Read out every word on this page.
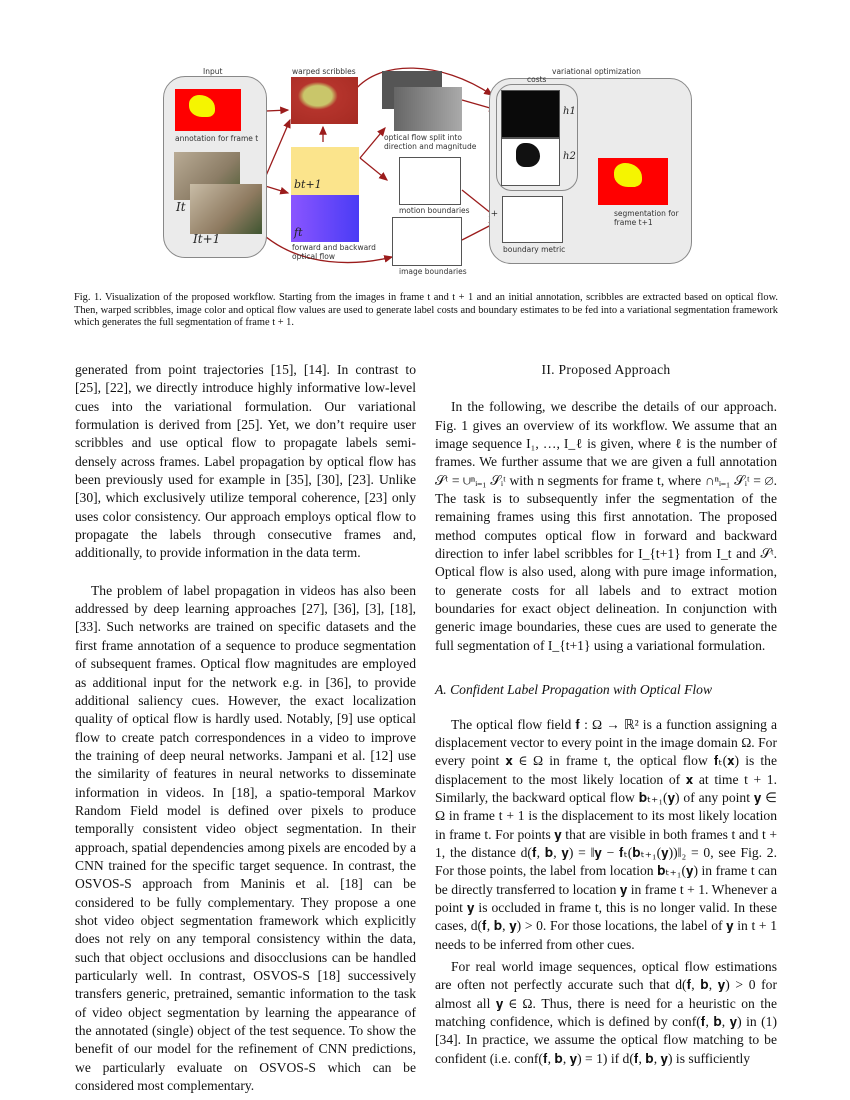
Input
annotation for frame t
It
It+1
warped scribbles
bt+1
ft
forward and backward optical flow
optical flow split into direction and magnitude
motion boundaries
image boundaries
variational optimization
costs
h1
h2
+
boundary metric
segmentation for frame t+1
Fig. 1. Visualization of the proposed workflow. Starting from the images in frame t and t + 1 and an initial annotation, scribbles are extracted based on optical flow. Then, warped scribbles, image color and optical flow values are used to generate label costs and boundary estimates to be fed into a variational segmentation framework which generates the full segmentation of frame t + 1.

generated from point trajectories [15], [14]. In contrast to [25], [22], we directly introduce highly informative low-level cues into the variational formulation. Our variational formulation is derived from [25]. Yet, we don’t require user scribbles and use optical flow to propagate labels semi-densely across frames. Label propagation by optical flow has been previously used for example in [35], [30], [23]. Unlike [30], which exclusively utilize temporal coherence, [23] only uses color consistency. Our approach employs optical flow to propagate the labels through consecutive frames and, additionally, to provide information in the data term.

The problem of label propagation in videos has also been addressed by deep learning approaches [27], [36], [3], [18], [33]. Such networks are trained on specific datasets and the first frame annotation of a sequence to produce segmentation of subsequent frames. Optical flow magnitudes are employed as additional input for the network e.g. in [36], to provide additional saliency cues. However, the exact localization quality of optical flow is hardly used. Notably, [9] use optical flow to create patch correspondences in a video to improve the training of deep neural networks. Jampani et al. [12] use the similarity of features in neural networks to disseminate information in videos. In [18], a spatio-temporal Markov Random Field model is defined over pixels to produce temporally consistent video object segmentation. In their approach, spatial dependencies among pixels are encoded by a CNN trained for the specific target sequence. In contrast, the OSVOS-S approach from Maninis et al. [18] can be considered to be fully complementary. They propose a one shot video object segmentation framework which explicitly does not rely on any temporal consistency within the data, such that object occlusions and disocclusions can be handled particularly well. In contrast, OSVOS-S [18] successively transfers generic, pretrained, semantic information to the task of video object segmentation by learning the appearance of the annotated (single) object of the test sequence. To show the benefit of our model for the refinement of CNN predictions, we particularly evaluate on OSVOS-S which can be considered most complementary.

II. Proposed Approach

In the following, we describe the details of our approach. Fig. 1 gives an overview of its workflow. We assume that an image sequence I₁, …, I_ℓ is given, where ℓ is the number of frames. We further assume that we are given a full annotation 𝒮ᵗ = ∪ⁿᵢ₌₁ 𝒮ᵢᵗ with n segments for frame t, where ∩ⁿᵢ₌₁ 𝒮ᵢᵗ = ∅. The task is to subsequently infer the segmentation of the remaining frames using this first annotation. The proposed method computes optical flow in forward and backward direction to infer label scribbles for I_{t+1} from I_t and 𝒮ᵗ. Optical flow is also used, along with pure image information, to generate costs for all labels and to extract motion boundaries for exact object delineation. In conjunction with generic image boundaries, these cues are used to generate the full segmentation of I_{t+1} using a variational formulation.

A. Confident Label Propagation with Optical Flow

The optical flow field 𝐟 : Ω → ℝ² is a function assigning a displacement vector to every point in the image domain Ω. For every point 𝐱 ∈ Ω in frame t, the optical flow 𝐟ₜ(𝐱) is the displacement to the most likely location of 𝐱 at time t + 1. Similarly, the backward optical flow 𝐛ₜ₊₁(𝐲) of any point 𝐲 ∈ Ω in frame t + 1 is the displacement to its most likely location in frame t. For points 𝐲 that are visible in both frames t and t + 1, the distance d(𝐟, 𝐛, 𝐲) = ‖𝐲 − 𝐟ₜ(𝐛ₜ₊₁(𝐲))‖₂ = 0, see Fig. 2. For those points, the label from location 𝐛ₜ₊₁(𝐲) in frame t can be directly transferred to location 𝐲 in frame t + 1. Whenever a point 𝐲 is occluded in frame t, this is no longer valid. In these cases, d(𝐟, 𝐛, 𝐲) > 0. For those locations, the label of 𝐲 in t + 1 needs to be inferred from other cues.

For real world image sequences, optical flow estimations are often not perfectly accurate such that d(𝐟, 𝐛, 𝐲) > 0 for almost all 𝐲 ∈ Ω. Thus, there is need for a heuristic on the matching confidence, which is defined by conf(𝐟, 𝐛, 𝐲) in (1) [34]. In practice, we assume the optical flow matching to be confident (i.e. conf(𝐟, 𝐛, 𝐲) = 1) if d(𝐟, 𝐛, 𝐲) is sufficiently
